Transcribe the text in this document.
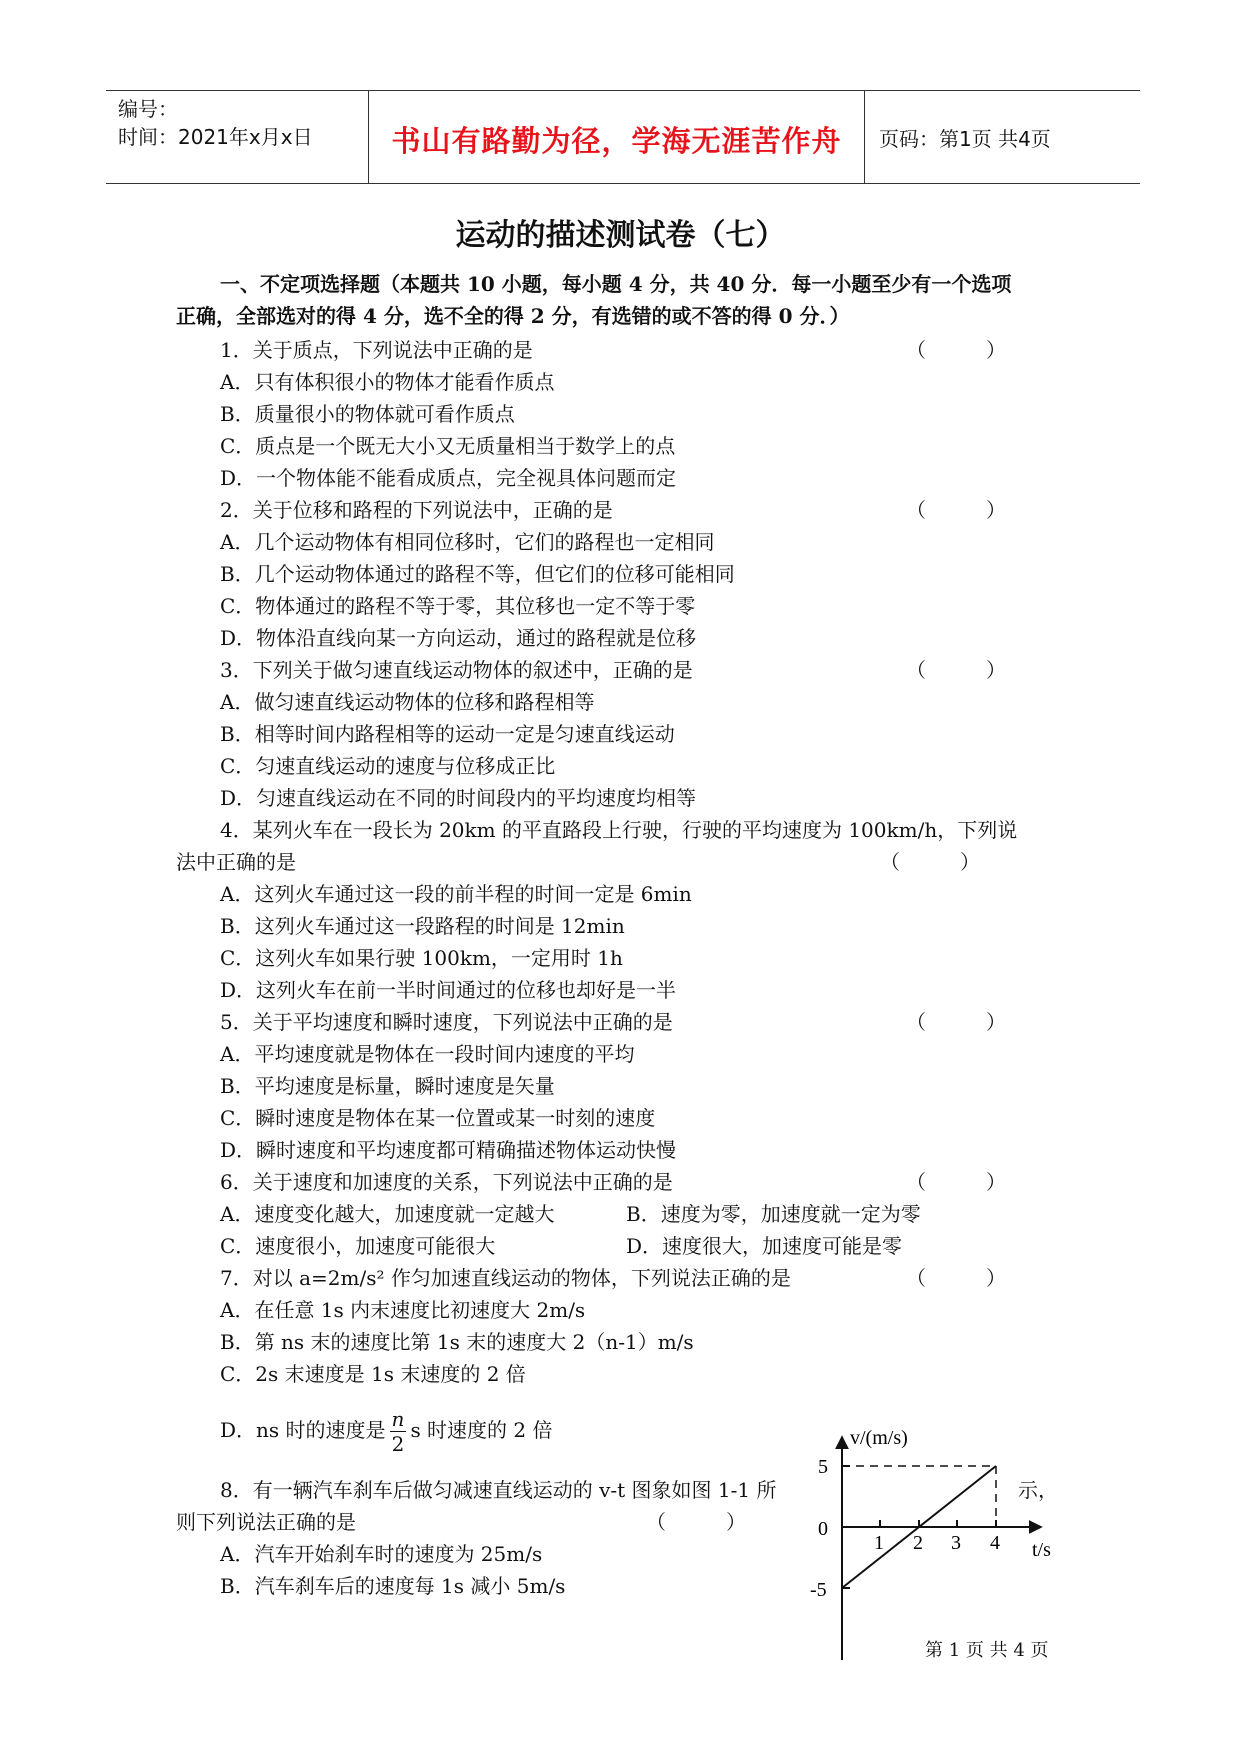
编号：
时间：2021年x月x日	书山有路勤为径，学海无涯苦作舟	页码：第1页 共4页
运动的描述测试卷（七）
一、不定项选择题（本题共 10 小题，每小题 4 分，共 40 分．每一小题至少有一个选项
正确，全部选对的得 4 分，选不全的得 2 分，有选错的或不答的得 0 分．）
1．关于质点，下列说法中正确的是	（　　　）
A．只有体积很小的物体才能看作质点
B．质量很小的物体就可看作质点
C．质点是一个既无大小又无质量相当于数学上的点
D．一个物体能不能看成质点，完全视具体问题而定
2．关于位移和路程的下列说法中，正确的是	（　　　）
A．几个运动物体有相同位移时，它们的路程也一定相同
B．几个运动物体通过的路程不等，但它们的位移可能相同
C．物体通过的路程不等于零，其位移也一定不等于零
D．物体沿直线向某一方向运动，通过的路程就是位移
3．下列关于做匀速直线运动物体的叙述中，正确的是	（　　　）
A．做匀速直线运动物体的位移和路程相等
B．相等时间内路程相等的运动一定是匀速直线运动
C．匀速直线运动的速度与位移成正比
D．匀速直线运动在不同的时间段内的平均速度均相等
4．某列火车在一段长为 20km 的平直路段上行驶，行驶的平均速度为 100km/h，下列说
法中正确的是	（　　　）
A．这列火车通过这一段的前半程的时间一定是 6min
B．这列火车通过这一段路程的时间是 12min
C．这列火车如果行驶 100km，一定用时 1h
D．这列火车在前一半时间通过的位移也却好是一半
5．关于平均速度和瞬时速度，下列说法中正确的是	（　　　）
A．平均速度就是物体在一段时间内速度的平均
B．平均速度是标量，瞬时速度是矢量
C．瞬时速度是物体在某一位置或某一时刻的速度
D．瞬时速度和平均速度都可精确描述物体运动快慢
6．关于速度和加速度的关系，下列说法中正确的是	（　　　）
A．速度变化越大，加速度就一定越大	B．速度为零，加速度就一定为零
C．速度很小，加速度可能很大	D．速度很大，加速度可能是零
7．对以 a=2m/s² 作匀加速直线运动的物体，下列说法正确的是	（　　　）
A．在任意 1s 内末速度比初速度大 2m/s
B．第 ns 末的速度比第 1s 末的速度大 2（n-1）m/s
C．2s 末速度是 1s 末速度的 2 倍
D．ns 时的速度是 $\frac{n}{2}$ s 时速度的 2 倍
8．有一辆汽车刹车后做匀减速直线运动的 v-t 图象如图 1-1 所	示，
则下列说法正确的是	（　　　）
A．汽车开始刹车时的速度为 25m/s
B．汽车刹车后的速度每 1s 减小 5m/s
v/(m/s)
t/s
5
0
-5
1 2 3 4
第 1 页 共 4 页
